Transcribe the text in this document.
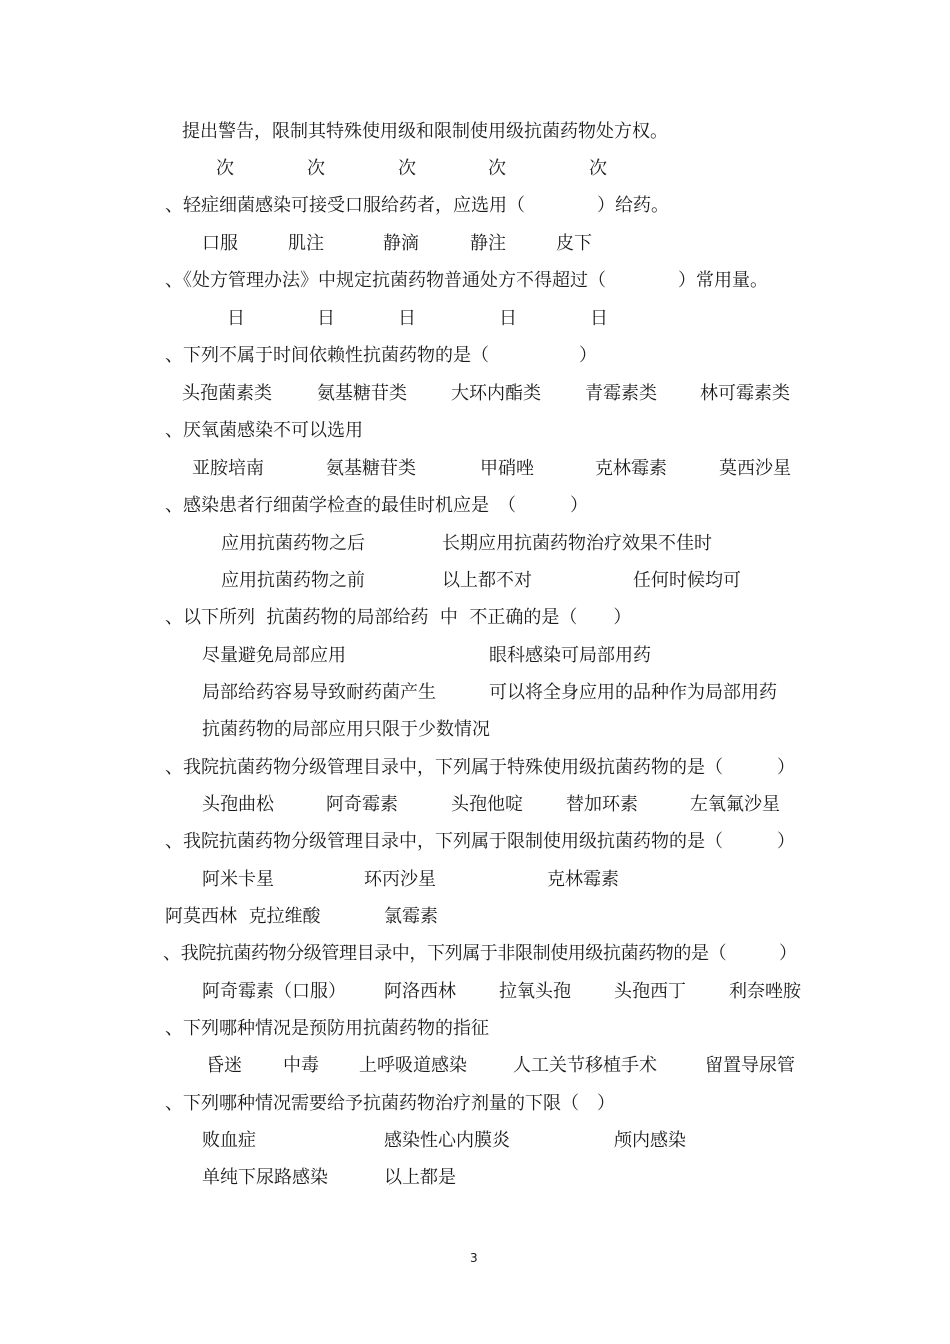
提出警告，限制其特殊使用级和限制使用级抗菌药物处方权。
次	次	次	次	次
、轻症细菌感染可接受口服给药者，应选用（　　　　）给药。
口服	肌注	静滴	静注	皮下
、《处方管理办法》中规定抗菌药物普通处方不得超过（　　　　）常用量。
日	日	日	日	日
、下列不属于时间依赖性抗菌药物的是（　　　　　）
头孢菌素类	氨基糖苷类 大环内酯类 青霉素类 林可霉素类
、厌氧菌感染不可以选用
亚胺培南	氨基糖苷类	甲硝唑	克林霉素	莫西沙星
、感染患者行细菌学检查的最佳时机应是　（　　　）
应用抗菌药物之后	长期应用抗菌药物治疗效果不佳时
应用抗菌药物之前	以上都不对	任何时候均可
、以下所列  抗菌药物的局部给药  中  不正确的是（　　）
尽量避免局部应用	眼科感染可局部用药
局部给药容易导致耐药菌产生	可以将全身应用的品种作为局部用药
抗菌药物的局部应用只限于少数情况
、我院抗菌药物分级管理目录中，下列属于特殊使用级抗菌药物的是（　　　）
头孢曲松	阿奇霉素	头孢他啶 替加环素	左氧氟沙星
、我院抗菌药物分级管理目录中，下列属于限制使用级抗菌药物的是（　　　）
阿米卡星	环丙沙星	克林霉素
阿莫西林  克拉维酸	氯霉素
、我院抗菌药物分级管理目录中，下列属于非限制使用级抗菌药物的是（　　　）
阿奇霉素（口服） 阿洛西林 拉氧头孢 头孢西丁 利奈唑胺
、下列哪种情况是预防用抗菌药物的指征
昏迷 中毒 上呼吸道感染	人工关节移植手术	留置导尿管
、下列哪种情况需要给予抗菌药物治疗剂量的下限（　）
败血症	感染性心内膜炎	颅内感染
单纯下尿路感染	以上都是
3
